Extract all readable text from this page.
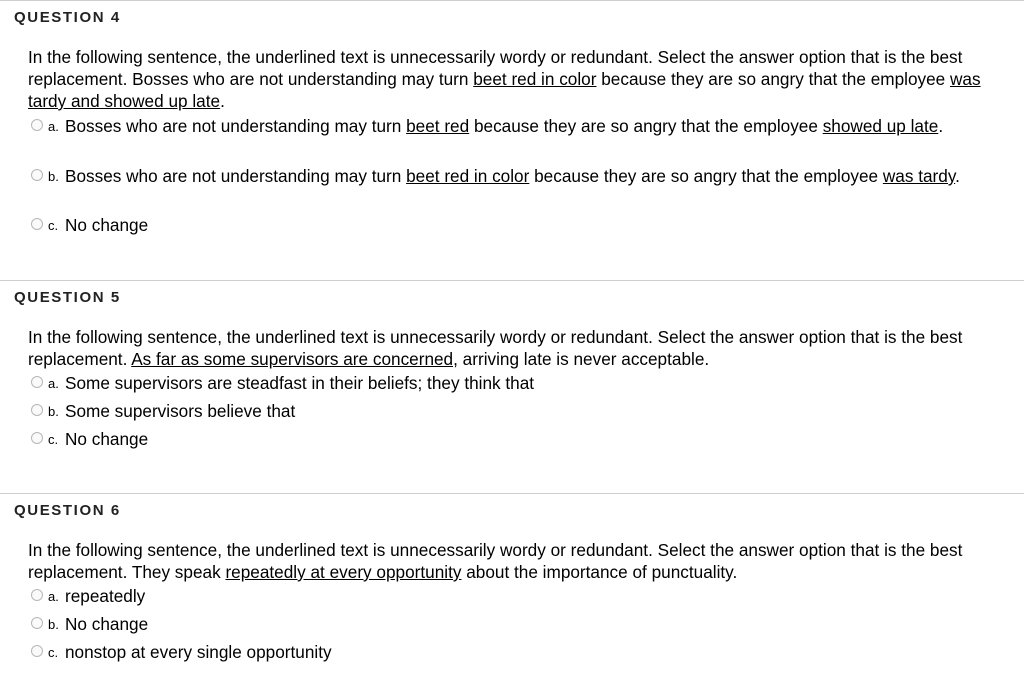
QUESTION 4
In the following sentence, the underlined text is unnecessarily wordy or redundant. Select the answer option that is the best replacement. Bosses who are not understanding may turn beet red in color because they are so angry that the employee was tardy and showed up late.
a. Bosses who are not understanding may turn beet red because they are so angry that the employee showed up late.
b. Bosses who are not understanding may turn beet red in color because they are so angry that the employee was tardy.
c. No change
QUESTION 5
In the following sentence, the underlined text is unnecessarily wordy or redundant. Select the answer option that is the best replacement. As far as some supervisors are concerned, arriving late is never acceptable.
a. Some supervisors are steadfast in their beliefs; they think that
b. Some supervisors believe that
c. No change
QUESTION 6
In the following sentence, the underlined text is unnecessarily wordy or redundant. Select the answer option that is the best replacement. They speak repeatedly at every opportunity about the importance of punctuality.
a. repeatedly
b. No change
c. nonstop at every single opportunity
